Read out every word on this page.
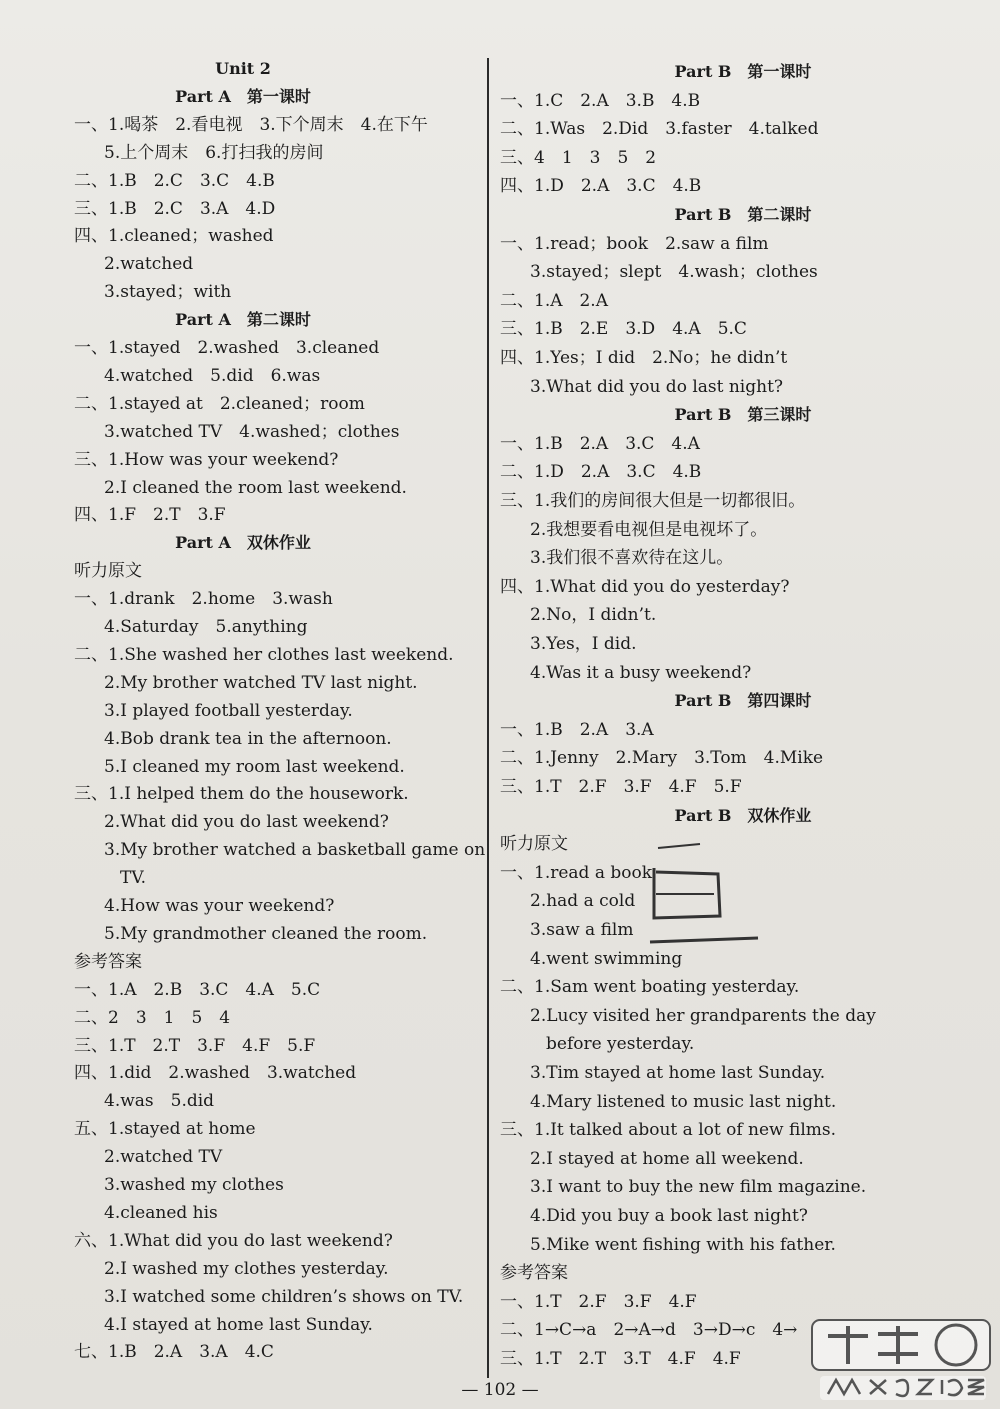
Unit 2
Part A　第一课时
一、1.喝茶　2.看电视　3.下个周末　4.在下午
5.上个周末　6.打扫我的房间
二、1.B　2.C　3.C　4.B
三、1.B　2.C　3.A　4.D
四、1.cleaned；washed
2.watched
3.stayed；with
Part A　第二课时
一、1.stayed　2.washed　3.cleaned
4.watched　5.did　6.was
二、1.stayed at　2.cleaned；room
3.watched TV　4.washed；clothes
三、1.How was your weekend?
2.I cleaned the room last weekend.
四、1.F　2.T　3.F
Part A　双休作业
听力原文
一、1.drank　2.home　3.wash
4.Saturday　5.anything
二、1.She washed her clothes last weekend.
2.My brother watched TV last night.
3.I played football yesterday.
4.Bob drank tea in the afternoon.
5.I cleaned my room last weekend.
三、1.I helped them do the housework.
2.What did you do last weekend?
3.My brother watched a basketball game on
TV.
4.How was your weekend?
5.My grandmother cleaned the room.
参考答案
一、1.A　2.B　3.C　4.A　5.C
二、2　3　1　5　4
三、1.T　2.T　3.F　4.F　5.F
四、1.did　2.washed　3.watched
4.was　5.did
五、1.stayed at home
2.watched TV
3.washed my clothes
4.cleaned his
六、1.What did you do last weekend?
2.I washed my clothes yesterday.
3.I watched some children’s shows on TV.
4.I stayed at home last Sunday.
七、1.B　2.A　3.A　4.C
Part B　第一课时
一、1.C　2.A　3.B　4.B
二、1.Was　2.Did　3.faster　4.talked
三、4　1　3　5　2
四、1.D　2.A　3.C　4.B
Part B　第二课时
一、1.read；book　2.saw a film
3.stayed；slept　4.wash；clothes
二、1.A　2.A
三、1.B　2.E　3.D　4.A　5.C
四、1.Yes；I did　2.No；he didn’t
3.What did you do last night?
Part B　第三课时
一、1.B　2.A　3.C　4.A
二、1.D　2.A　3.C　4.B
三、1.我们的房间很大但是一切都很旧。
2.我想要看电视但是电视坏了。
3.我们很不喜欢待在这儿。
四、1.What did you do yesterday?
2.No，I didn’t.
3.Yes，I did.
4.Was it a busy weekend?
Part B　第四课时
一、1.B　2.A　3.A
二、1.Jenny　2.Mary　3.Tom　4.Mike
三、1.T　2.F　3.F　4.F　5.F
Part B　双休作业
听力原文
一、1.read a book
2.had a cold
3.saw a film
4.went swimming
二、1.Sam went boating yesterday.
2.Lucy visited her grandparents the day
before yesterday.
3.Tim stayed at home last Sunday.
4.Mary listened to music last night.
三、1.It talked about a lot of new films.
2.I stayed at home all weekend.
3.I want to buy the new film magazine.
4.Did you buy a book last night?
5.Mike went fishing with his father.
参考答案
一、1.T　2.F　3.F　4.F
二、1→C→a　2→A→d　3→D→c　4→
三、1.T　2.T　3.T　4.F　4.F
— 102 —
